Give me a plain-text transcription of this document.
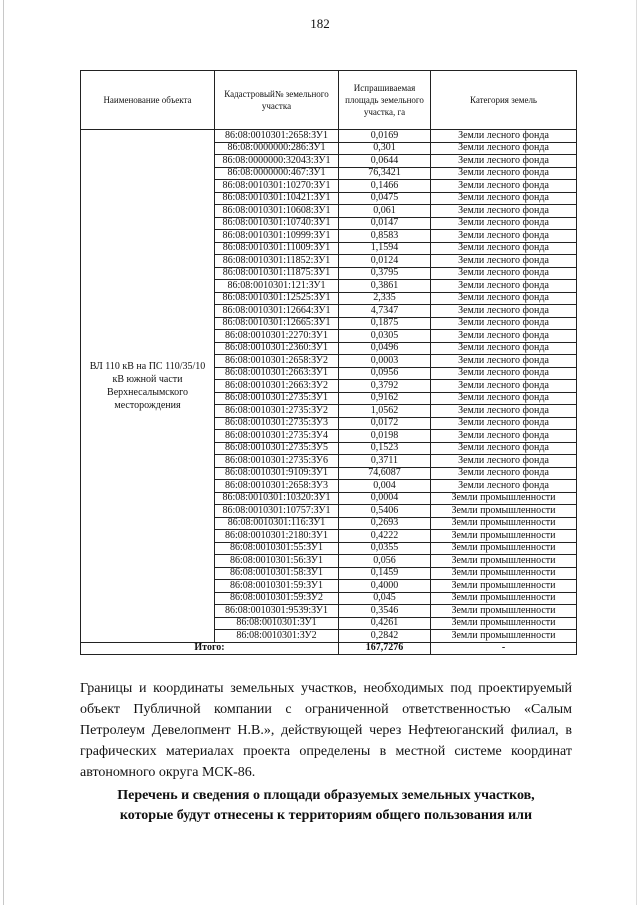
182
Наименование объекта	Кадастровый№ земельного участка	Испрашиваемая площадь земельного участка, га	Категория земель
ВЛ 110 кВ на ПС 110/35/10 кВ южной части Верхнесалымского месторождения	86:08:0010301:2658:ЗУ1	0,0169	Земли лесного фонда
	86:08:0000000:286:ЗУ1	0,301	Земли лесного фонда
	86:08:0000000:32043:ЗУ1	0,0644	Земли лесного фонда
	86:08:0000000:467:ЗУ1	76,3421	Земли лесного фонда
	86:08:0010301:10270:ЗУ1	0,1466	Земли лесного фонда
	86:08:0010301:10421:ЗУ1	0,0475	Земли лесного фонда
	86:08:0010301:10608:ЗУ1	0,061	Земли лесного фонда
	86:08:0010301:10740:ЗУ1	0,0147	Земли лесного фонда
	86:08:0010301:10999:ЗУ1	0,8583	Земли лесного фонда
	86:08:0010301:11009:ЗУ1	1,1594	Земли лесного фонда
	86:08:0010301:11852:ЗУ1	0,0124	Земли лесного фонда
	86:08:0010301:11875:ЗУ1	0,3795	Земли лесного фонда
	86:08:0010301:121:ЗУ1	0,3861	Земли лесного фонда
	86:08:0010301:12525:ЗУ1	2,335	Земли лесного фонда
	86:08:0010301:12664:ЗУ1	4,7347	Земли лесного фонда
	86:08:0010301:12665:ЗУ1	0,1875	Земли лесного фонда
	86:08:0010301:2270:ЗУ1	0,0305	Земли лесного фонда
	86:08:0010301:2360:ЗУ1	0,0496	Земли лесного фонда
	86:08:0010301:2658:ЗУ2	0,0003	Земли лесного фонда
	86:08:0010301:2663:ЗУ1	0,0956	Земли лесного фонда
	86:08:0010301:2663:ЗУ2	0,3792	Земли лесного фонда
	86:08:0010301:2735:ЗУ1	0,9162	Земли лесного фонда
	86:08:0010301:2735:ЗУ2	1,0562	Земли лесного фонда
	86:08:0010301:2735:ЗУ3	0,0172	Земли лесного фонда
	86:08:0010301:2735:ЗУ4	0,0198	Земли лесного фонда
	86:08:0010301:2735:ЗУ5	0,1523	Земли лесного фонда
	86:08:0010301:2735:ЗУ6	0,3711	Земли лесного фонда
	86:08:0010301:9109:ЗУ1	74,6087	Земли лесного фонда
	86:08:0010301:2658:ЗУ3	0,004	Земли лесного фонда
	86:08:0010301:10320:ЗУ1	0,0004	Земли промышленности
	86:08:0010301:10757:ЗУ1	0,5406	Земли промышленности
	86:08:0010301:116:ЗУ1	0,2693	Земли промышленности
	86:08:0010301:2180:ЗУ1	0,4222	Земли промышленности
	86:08:0010301:55:ЗУ1	0,0355	Земли промышленности
	86:08:0010301:56:ЗУ1	0,056	Земли промышленности
	86:08:0010301:58:ЗУ1	0,1459	Земли промышленности
	86:08:0010301:59:ЗУ1	0,4000	Земли промышленности
	86:08:0010301:59:ЗУ2	0,045	Земли промышленности
	86:08:0010301:9539:ЗУ1	0,3546	Земли промышленности
	86:08:0010301:ЗУ1	0,4261	Земли промышленности
	86:08:0010301:ЗУ2	0,2842	Земли промышленности
Итого:		167,7276	-

Границы и координаты земельных участков, необходимых под проектируемый объект Публичной компании с ограниченной ответственностью «Салым Петролеум Девелопмент Н.В.», действующей через Нефтеюганский филиал, в графических материалах проекта определены в местной системе координат автономного округа МСК-86.

Перечень и сведения о площади образуемых земельных участков, которые будут отнесены к территориям общего пользования или
